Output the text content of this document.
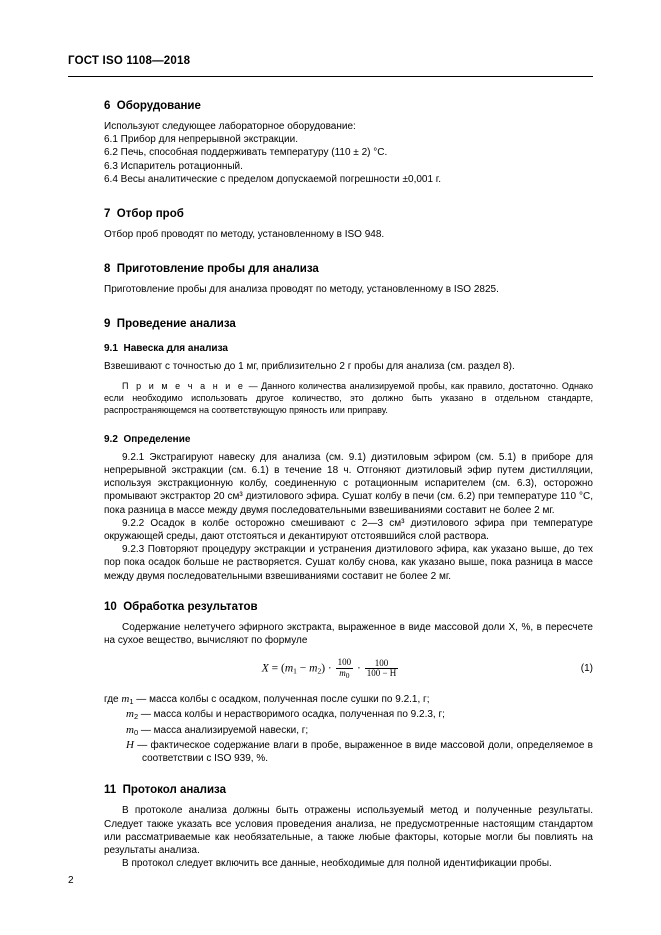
ГОСТ ISO 1108—2018
6 Оборудование

Используют следующее лабораторное оборудование:

6.1 Прибор для непрерывной экстракции.
6.2 Печь, способная поддерживать температуру (110 ± 2) °С.
6.3 Испаритель ротационный.
6.4 Весы аналитические с пределом допускаемой погрешности ±0,001 г.
7 Отбор проб

Отбор проб проводят по методу, установленному в ISO 948.

8 Приготовление пробы для анализа

Приготовление пробы для анализа проводят по методу, установленному в ISO 2825.

9 Проведение анализа
9.1 Навеска для анализа

Взвешивают с точностью до 1 мг, приблизительно 2 г пробы для анализа (см. раздел 8).

П р и м е ч а н и е — Данного количества анализируемой пробы, как правило, достаточно. Однако если необходимо использовать другое количество, это должно быть указано в отдельном стандарте, распространяющемся на соответствующую пряность или приправу.
9.2 Определение

9.2.1 Экстрагируют навеску для анализа (см. 9.1) диэтиловым эфиром (см. 5.1) в приборе для непрерывной экстракции (см. 6.1) в течение 18 ч. Отгоняют диэтиловый эфир путем дистилляции, используя экстракционную колбу, соединенную с ротационным испарителем (см. 6.3), осторожно промывают экстрактор 20 см³ диэтилового эфира. Сушат колбу в печи (см. 6.2) при температуре 110 °С, пока разница в массе между двумя последовательными взвешиваниями составит не более 2 мг.

9.2.2 Осадок в колбе осторожно смешивают с 2—3 см³ диэтилового эфира при температуре окружающей среды, дают отстояться и декантируют отстоявшийся слой раствора.

9.2.3 Повторяют процедуру экстракции и устранения диэтилового эфира, как указано выше, до тех пор пока осадок больше не растворяется. Сушат колбу снова, как указано выше, пока разница в массе между двумя последовательными взвешиваниями составит не более 2 мг.

10 Обработка результатов

Содержание нелетучего эфирного экстракта, выраженное в виде массовой доли X, %, в пересчете на сухое вещество, вычисляют по формуле

$X = (m_1 - m_2) \cdot \frac{100}{m_0} \cdot \frac{100}{100 - H}$	(1)
где $m_1$ — масса колбы с осадком, полученная после сушки по 9.2.1, г;
$m_2$ — масса колбы и нерастворимого осадка, полученная по 9.2.3, г;
$m_0$ — масса анализируемой навески, г;
H — фактическое содержание влаги в пробе, выраженное в виде массовой доли, определяемое в соответствии с ISO 939, %.
11 Протокол анализа

В протоколе анализа должны быть отражены используемый метод и полученные результаты. Следует также указать все условия проведения анализа, не предусмотренные настоящим стандартом или рассматриваемые как необязательные, а также любые факторы, которые могли бы повлиять на результаты анализа.

В протокол следует включить все данные, необходимые для полной идентификации пробы.

2
